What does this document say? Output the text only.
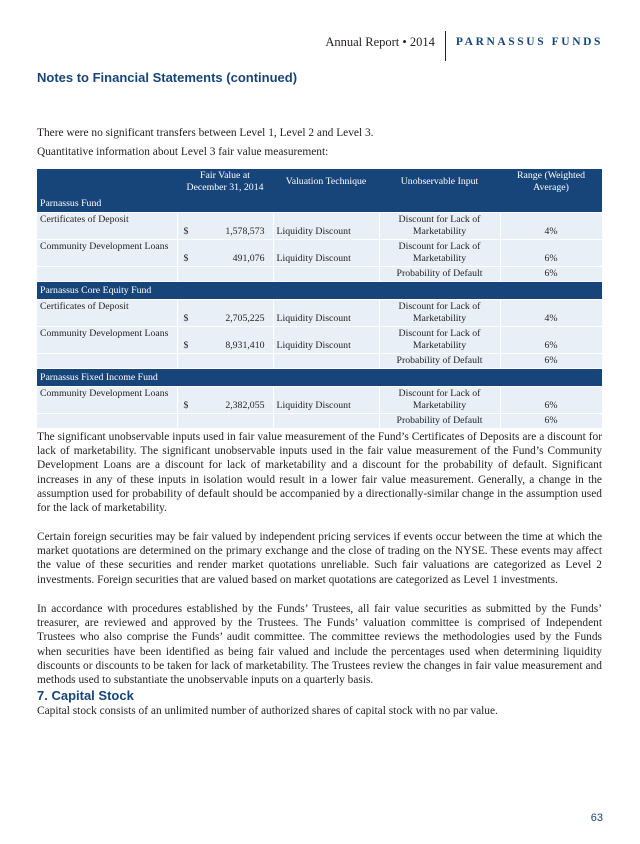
Annual Report • 2014	PARNASSUS FUNDS
Notes to Financial Statements (continued)

There were no significant transfers between Level 1, Level 2 and Level 3.

Quantitative information about Level 3 fair value measurement:

	Fair Value at December 31, 2014	Valuation Technique	Unobservable Input	Range (Weighted Average)
Parnassus Fund				
Certificates of Deposit	$ 1,578,573	Liquidity Discount	Discount for Lack of Marketability	4%
Community Development Loans	$ 491,076	Liquidity Discount	Discount for Lack of Marketability	6%

		Probability of Default	6%
Parnassus Core Equity Fund				
Certificates of Deposit	$ 2,705,225	Liquidity Discount	Discount for Lack of Marketability	4%
Community Development Loans	$ 8,931,410	Liquidity Discount	Discount for Lack of Marketability	6%

		Probability of Default	6%
Parnassus Fixed Income Fund				
Community Development Loans	$ 2,382,055	Liquidity Discount	Discount for Lack of Marketability	6%

		Probability of Default	6%

The significant unobservable inputs used in fair value measurement of the Fund’s Certificates of Deposits are a discount for lack of marketability. The significant unobservable inputs used in the fair value measurement of the Fund’s Community Development Loans are a discount for lack of marketability and a discount for the probability of default. Significant increases in any of these inputs in isolation would result in a lower fair value measurement. Generally, a change in the assumption used for probability of default should be accompanied by a directionally-similar change in the assumption used for the lack of marketability.

Certain foreign securities may be fair valued by independent pricing services if events occur between the time at which the market quotations are determined on the primary exchange and the close of trading on the NYSE. These events may affect the value of these securities and render market quotations unreliable. Such fair valuations are categorized as Level 2 investments. Foreign securities that are valued based on market quotations are categorized as Level 1 investments.

In accordance with procedures established by the Funds’ Trustees, all fair value securities as submitted by the Funds’ treasurer, are reviewed and approved by the Trustees. The Funds’ valuation committee is comprised of Independent Trustees who also comprise the Funds’ audit committee. The committee reviews the methodologies used by the Funds when securities have been identified as being fair valued and include the percentages used when determining liquidity discounts or discounts to be taken for lack of marketability. The Trustees review the changes in fair value measurement and methods used to substantiate the unobservable inputs on a quarterly basis.

7. Capital Stock

Capital stock consists of an unlimited number of authorized shares of capital stock with no par value.

63
